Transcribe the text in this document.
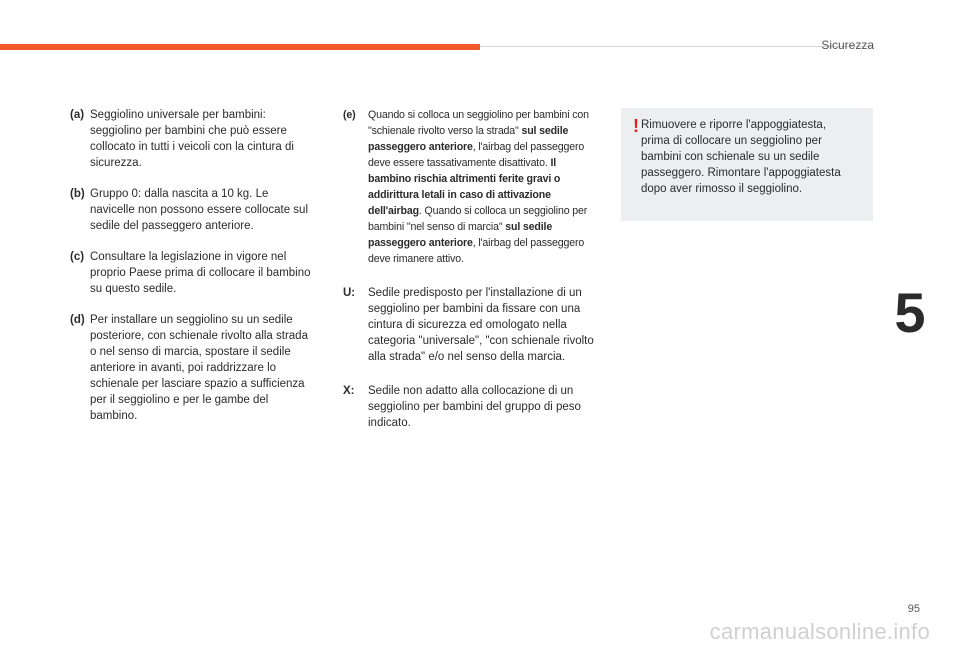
Sicurezza
(a) Seggiolino universale per bambini: seggiolino per bambini che può essere collocato in tutti i veicoli con la cintura di sicurezza.
(b) Gruppo 0: dalla nascita a 10 kg. Le navicelle non possono essere collocate sul sedile del passeggero anteriore.
(c) Consultare la legislazione in vigore nel proprio Paese prima di collocare il bambino su questo sedile.
(d) Per installare un seggiolino su un sedile posteriore, con schienale rivolto alla strada o nel senso di marcia, spostare il sedile anteriore in avanti, poi raddrizzare lo schienale per lasciare spazio a sufficienza per il seggiolino e per le gambe del bambino.
(e) Quando si colloca un seggiolino per bambini con "schienale rivolto verso la strada" sul sedile passeggero anteriore, l'airbag del passeggero deve essere tassativamente disattivato. Il bambino rischia altrimenti ferite gravi o addirittura letali in caso di attivazione dell'airbag. Quando si colloca un seggiolino per bambini "nel senso di marcia" sul sedile passeggero anteriore, l'airbag del passeggero deve rimanere attivo.
U: Sedile predisposto per l'installazione di un seggiolino per bambini da fissare con una cintura di sicurezza ed omologato nella categoria "universale", "con schienale rivolto alla strada" e/o nel senso della marcia.
X: Sedile non adatto alla collocazione di un seggiolino per bambini del gruppo di peso indicato.
! Rimuovere e riporre l'appoggiatesta, prima di collocare un seggiolino per bambini con schienale su un sedile passeggero. Rimontare l'appoggiatesta dopo aver rimosso il seggiolino.
5
95
carmanualsonline.info
